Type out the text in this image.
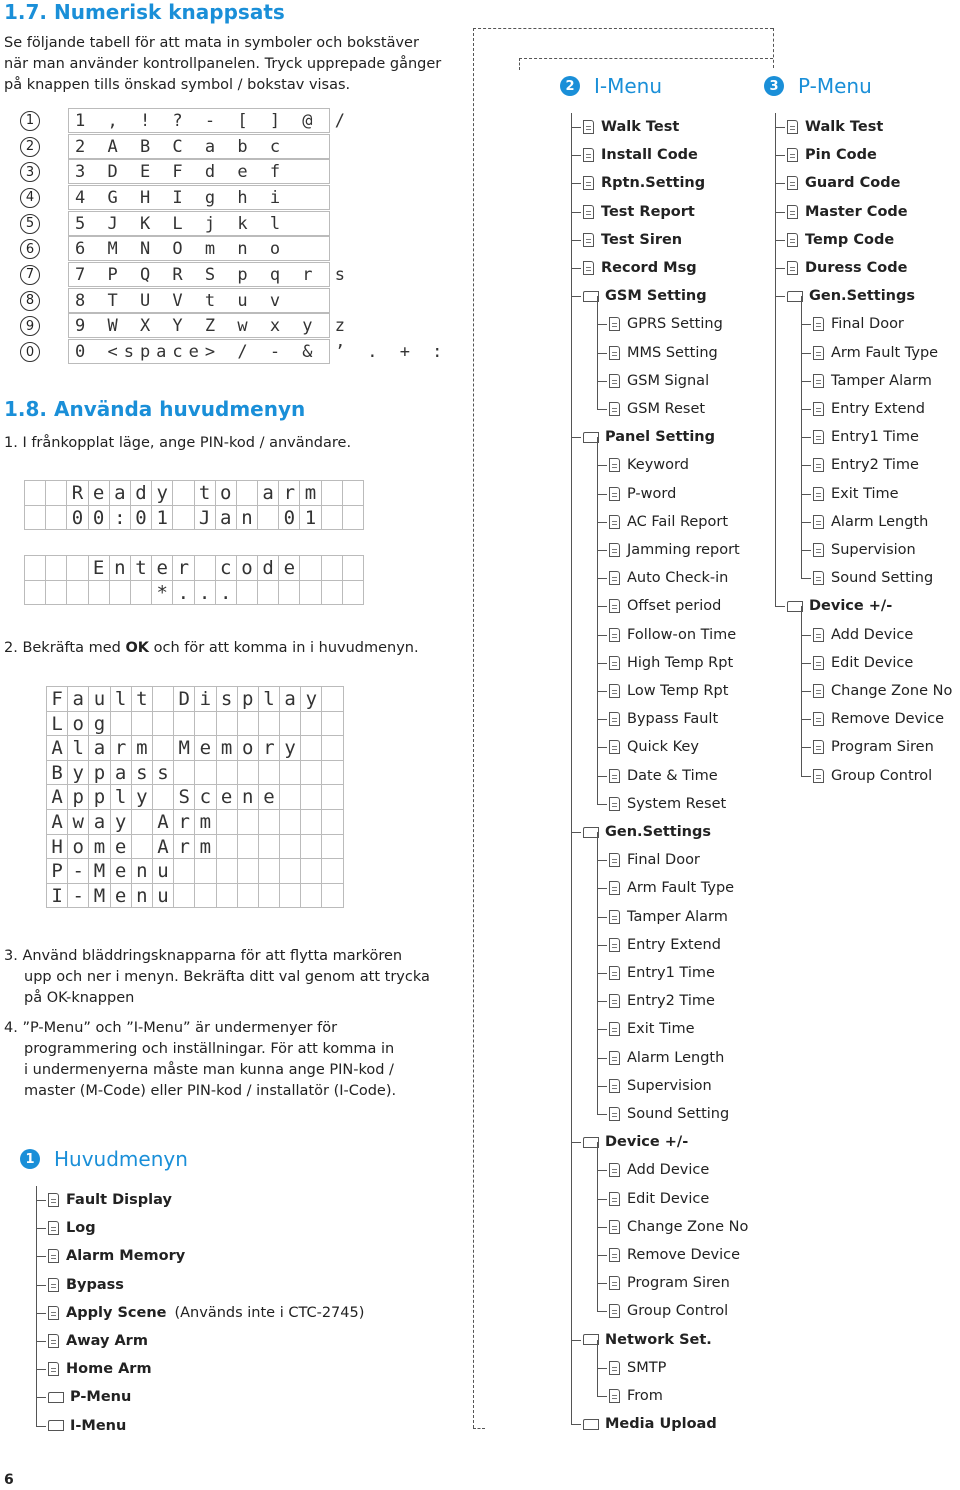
1.7. Numerisk knappsats
Se följande tabell för att mata in symboler och bokstäver
när man använder kontrollpanelen. Tryck upprepade gånger
på knappen tills önskad symbol / bokstav visas.
1	1 , ! ? - [ ] @ /
2	2 A B C a b c
3	3 D E F d e f
4	4 G H I g h i
5	5 J K L j k l
6	6 M N O m n o
7	7 P Q R S p q r s
8	8 T U V t u v
9	9 W X Y Z w x y z
0	0 <space> / - & ’ . + :
1.8. Använda huvudmenyn
1. I frånkopplat läge, ange PIN-kod / användare.
R e a d y t o a r m
0 0 : 0 1 J a n 0 1
E n t e r c o d e
* . . .
2. Bekräfta med OK och för att komma in i huvudmenyn.
F a u l t D i s p l a y
L o g
A l a r m M e m o r y
B y p a s s
A p p l y S c e n e
A w a y A r m
H o m e A r m
P - M e n u
I - M e n u
3. Använd bläddringsknapparna för att flytta markören
upp och ner i menyn. Bekräfta ditt val genom att trycka
på OK-knappen
4. ”P-Menu” och ”I-Menu” är undermenyer för
programmering och inställningar. För att komma in
i undermenyerna måste man kunna ange PIN-kod /
master (M-Code) eller PIN-kod / installatör (I-Code).
1 Huvudmenyn
Fault Display
Log
Alarm Memory
Bypass
Apply Scene (Används inte i CTC-2745)
Away Arm
Home Arm
P-Menu
I-Menu
2 I-Menu
Walk Test
Install Code
Rptn.Setting
Test Report
Test Siren
Record Msg
GSM Setting
GPRS Setting
MMS Setting
GSM Signal
GSM Reset
Panel Setting
Keyword
P-word
AC Fail Report
Jamming report
Auto Check-in
Offset period
Follow-on Time
High Temp Rpt
Low Temp Rpt
Bypass Fault
Quick Key
Date & Time
System Reset
Gen.Settings
Final Door
Arm Fault Type
Tamper Alarm
Entry Extend
Entry1 Time
Entry2 Time
Exit Time
Alarm Length
Supervision
Sound Setting
Device +/-
Add Device
Edit Device
Change Zone No
Remove Device
Program Siren
Group Control
Network Set.
SMTP
From
Media Upload
3 P-Menu
Walk Test
Pin Code
Guard Code
Master Code
Temp Code
Duress Code
Gen.Settings
Final Door
Arm Fault Type
Tamper Alarm
Entry Extend
Entry1 Time
Entry2 Time
Exit Time
Alarm Length
Supervision
Sound Setting
Device +/-
Add Device
Edit Device
Change Zone No
Remove Device
Program Siren
Group Control
6
